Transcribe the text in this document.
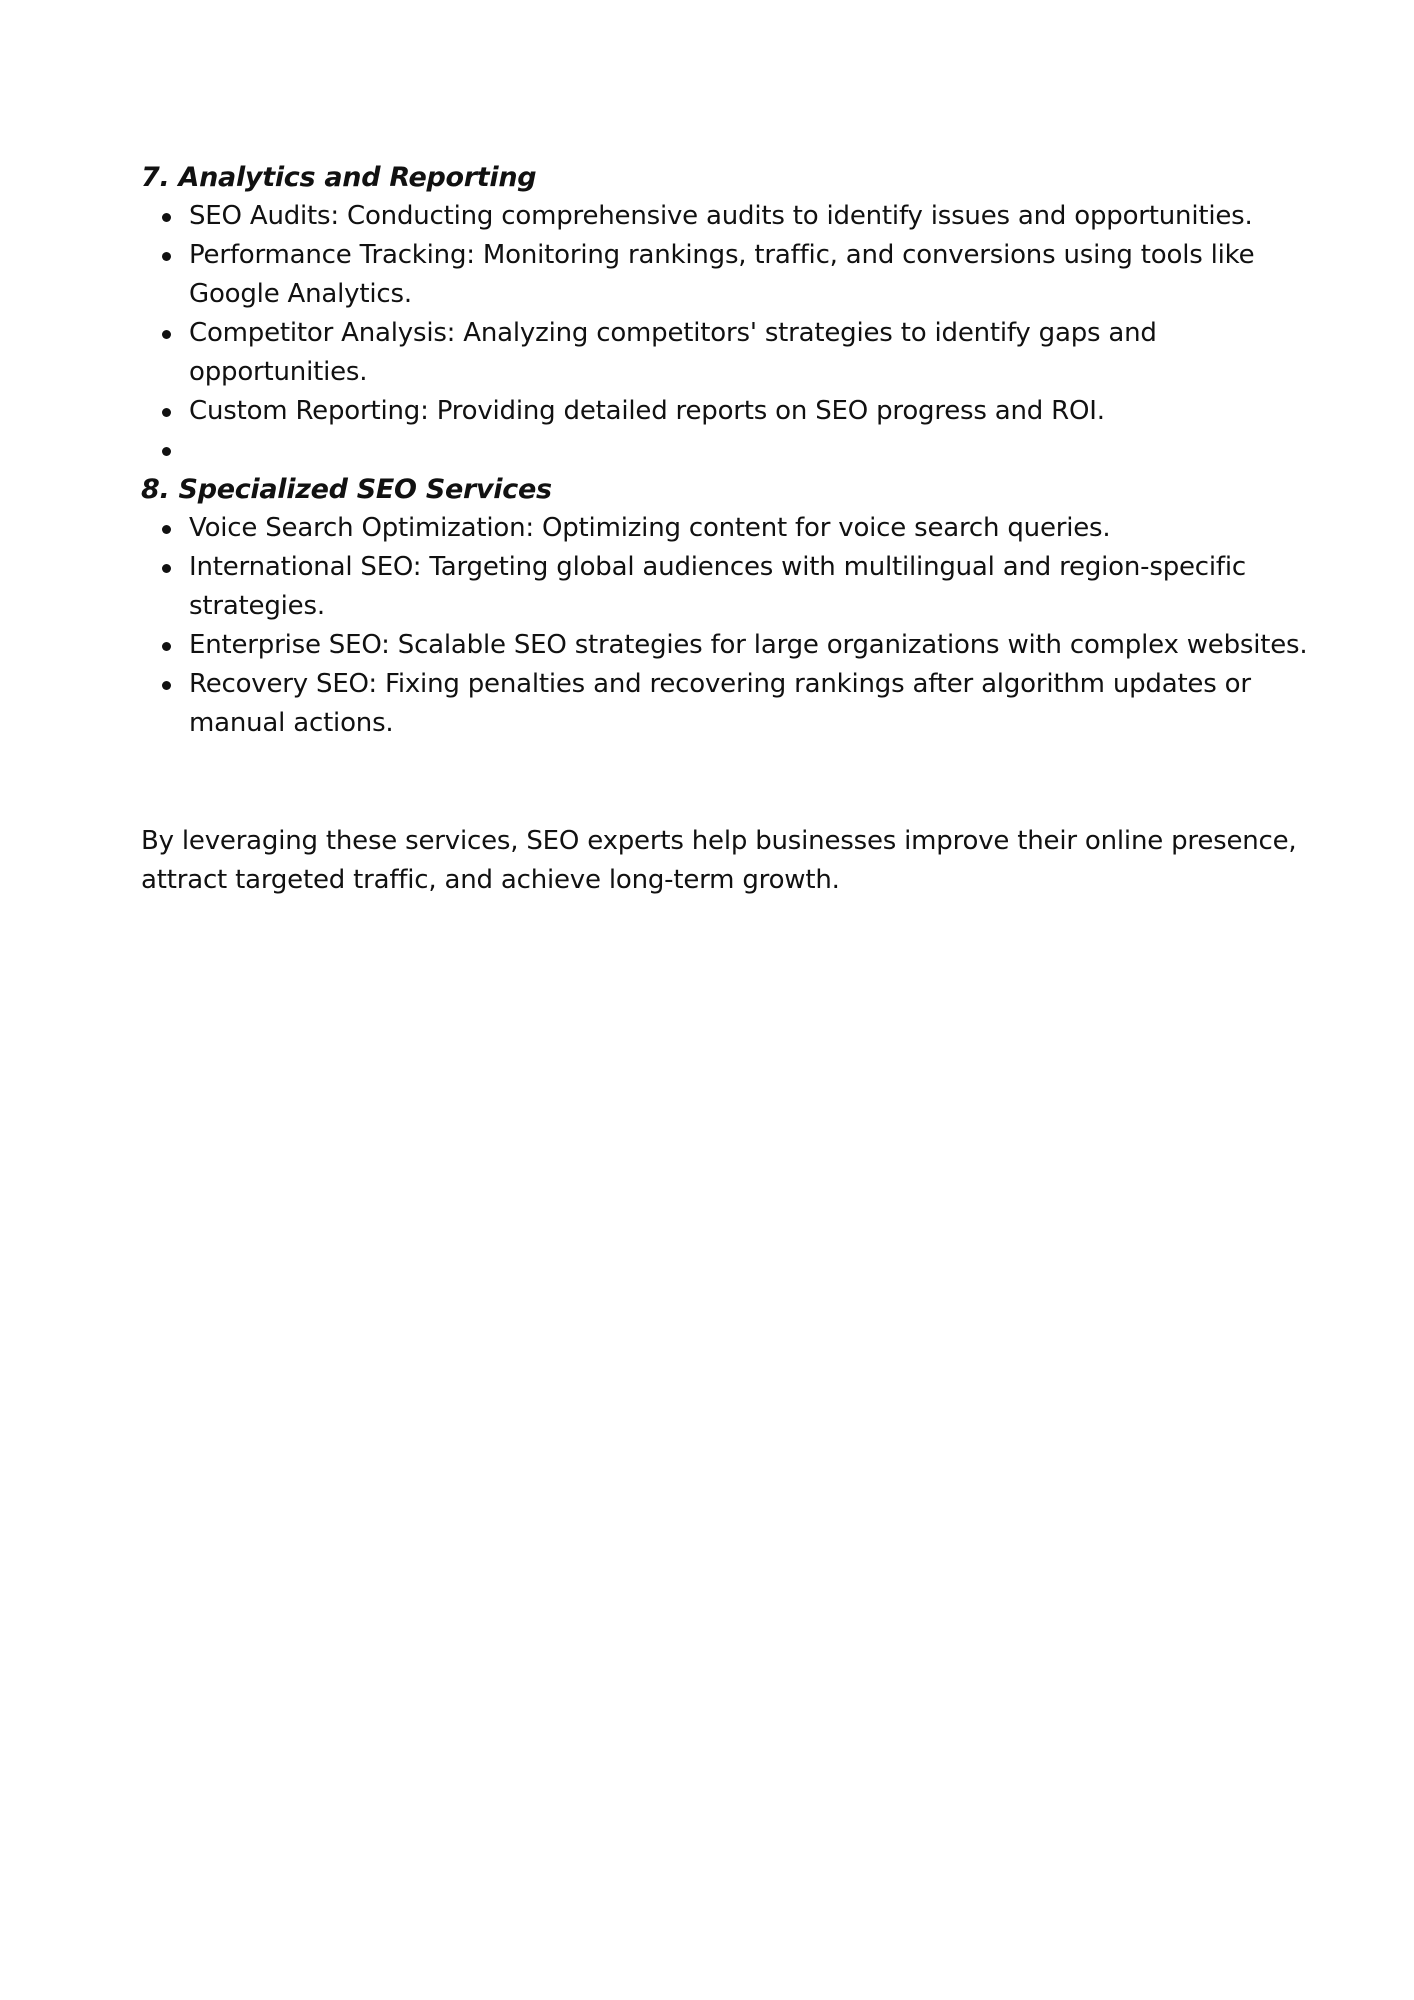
7. Analytics and Reporting
SEO Audits: Conducting comprehensive audits to identify issues and opportunities.
Performance Tracking: Monitoring rankings, traffic, and conversions using tools like Google Analytics.
Competitor Analysis: Analyzing competitors' strategies to identify gaps and opportunities.
Custom Reporting: Providing detailed reports on SEO progress and ROI.
8. Specialized SEO Services
Voice Search Optimization: Optimizing content for voice search queries.
International SEO: Targeting global audiences with multilingual and region-specific strategies.
Enterprise SEO: Scalable SEO strategies for large organizations with complex websites.
Recovery SEO: Fixing penalties and recovering rankings after algorithm updates or manual actions.

By leveraging these services, SEO experts help businesses improve their online presence, attract targeted traffic, and achieve long-term growth.
